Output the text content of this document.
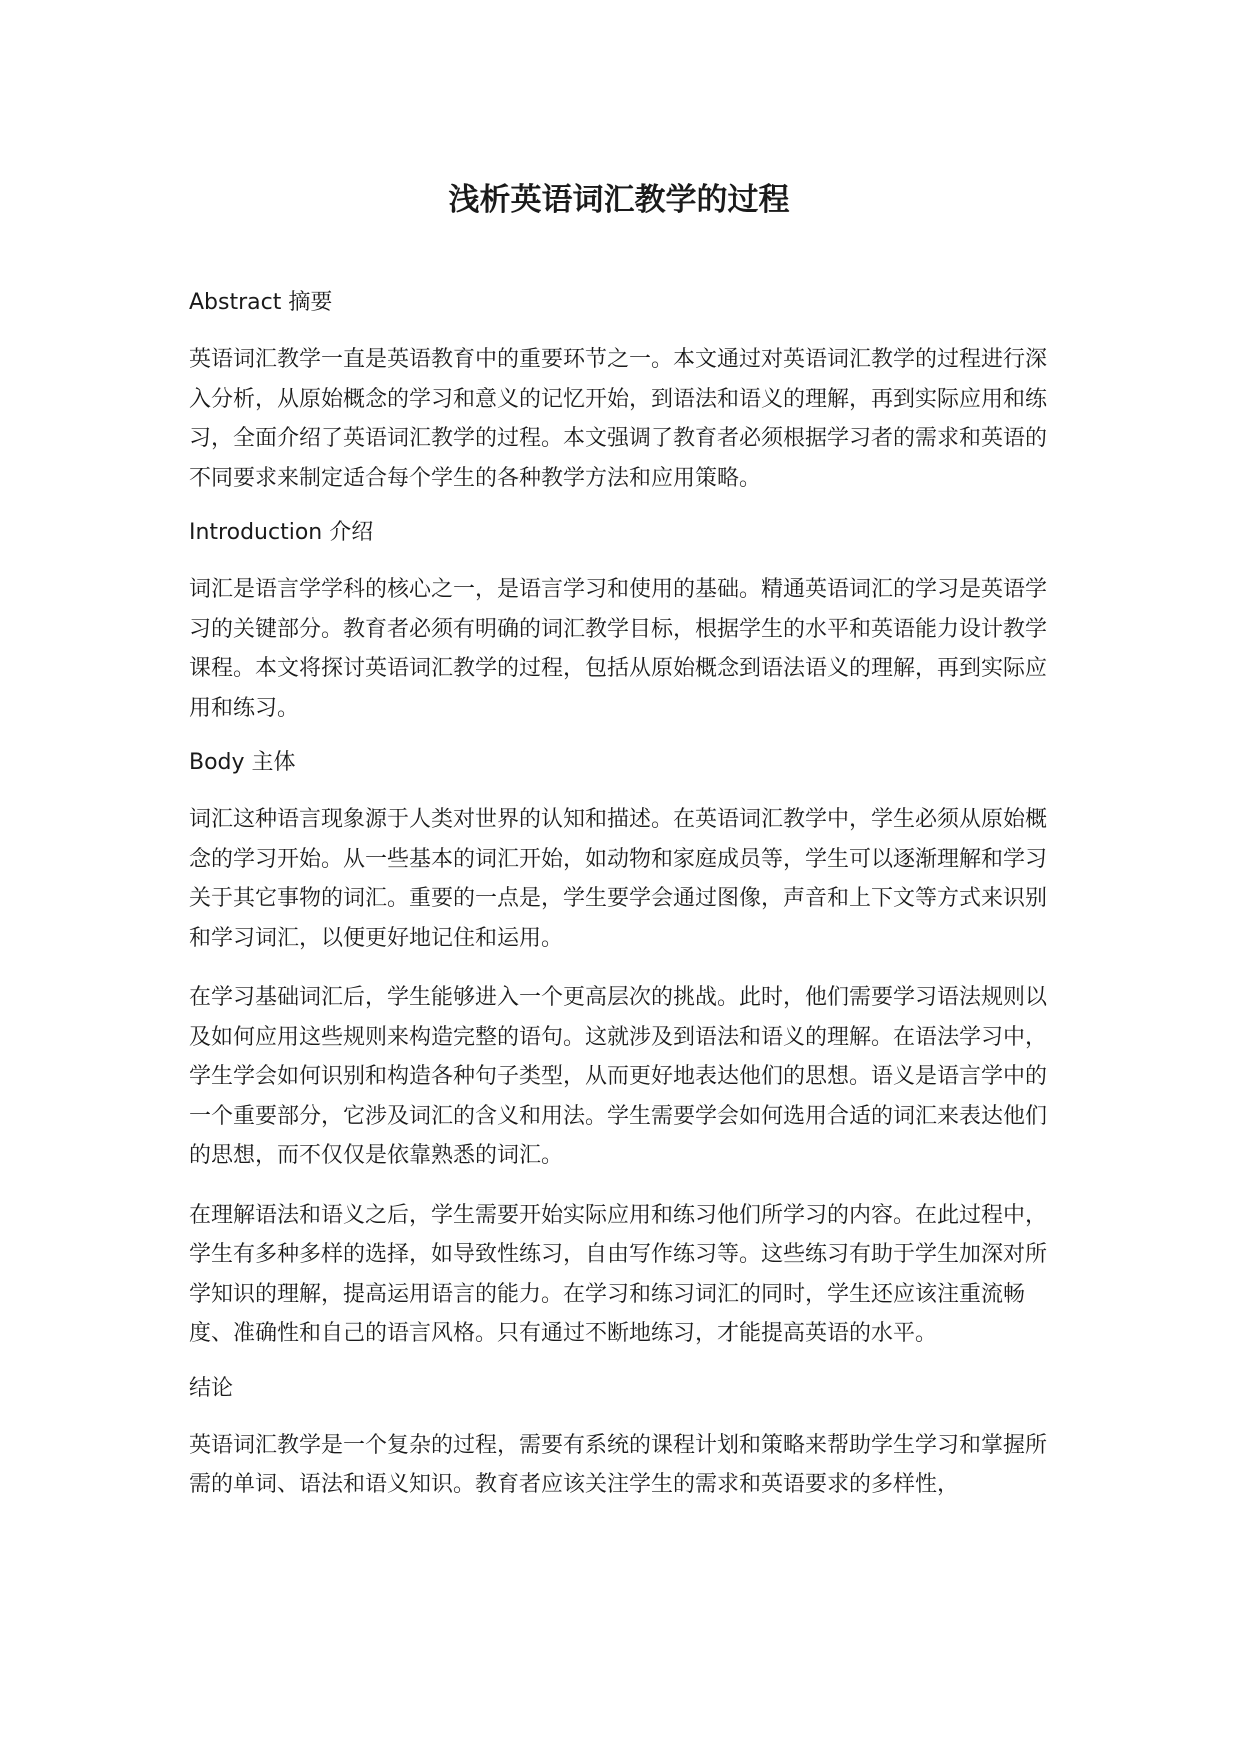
浅析英语词汇教学的过程
Abstract 摘要

英语词汇教学一直是英语教育中的重要环节之一。本文通过对英语词汇教学的过程进行深入分析，从原始概念的学习和意义的记忆开始，到语法和语义的理解，再到实际应用和练习，全面介绍了英语词汇教学的过程。本文强调了教育者必须根据学习者的需求和英语的不同要求来制定适合每个学生的各种教学方法和应用策略。

Introduction 介绍

词汇是语言学学科的核心之一，是语言学习和使用的基础。精通英语词汇的学习是英语学习的关键部分。教育者必须有明确的词汇教学目标，根据学生的水平和英语能力设计教学课程。本文将探讨英语词汇教学的过程，包括从原始概念到语法语义的理解，再到实际应用和练习。

Body 主体

词汇这种语言现象源于人类对世界的认知和描述。在英语词汇教学中，学生必须从原始概念的学习开始。从一些基本的词汇开始，如动物和家庭成员等，学生可以逐渐理解和学习关于其它事物的词汇。重要的一点是，学生要学会通过图像，声音和上下文等方式来识别和学习词汇，以便更好地记住和运用。

在学习基础词汇后，学生能够进入一个更高层次的挑战。此时，他们需要学习语法规则以及如何应用这些规则来构造完整的语句。这就涉及到语法和语义的理解。在语法学习中，学生学会如何识别和构造各种句子类型，从而更好地表达他们的思想。语义是语言学中的一个重要部分，它涉及词汇的含义和用法。学生需要学会如何选用合适的词汇来表达他们的思想，而不仅仅是依靠熟悉的词汇。

在理解语法和语义之后，学生需要开始实际应用和练习他们所学习的内容。在此过程中，学生有多种多样的选择，如导致性练习，自由写作练习等。这些练习有助于学生加深对所学知识的理解，提高运用语言的能力。在学习和练习词汇的同时，学生还应该注重流畅度、准确性和自己的语言风格。只有通过不断地练习，才能提高英语的水平。

结论

英语词汇教学是一个复杂的过程，需要有系统的课程计划和策略来帮助学生学习和掌握所需的单词、语法和语义知识。教育者应该关注学生的需求和英语要求的多样性，
